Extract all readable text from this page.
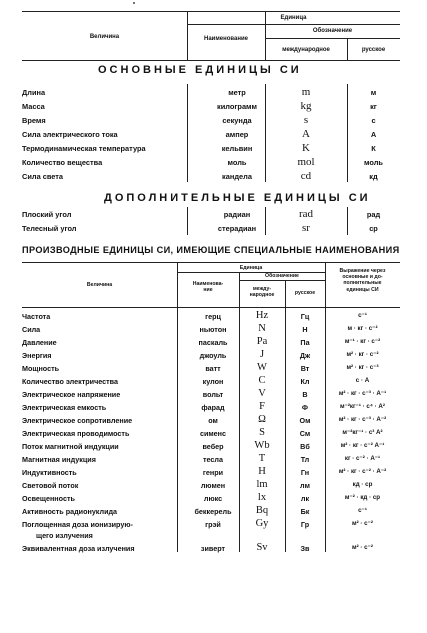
Величина
Единица
Наименование
Обозначение
международное	русское
ОСНОВНЫЕ ЕДИНИЦЫ СИ
Длина	метр	m	м
Масса	килограмм	kg	кг
Время	секунда	s	с
Сила электрического тока	ампер	A	А
Термодинамическая температура	кельвин	K	К
Количество вещества	моль	mol	моль
Сила света	кандела	cd	кд
ДОПОЛНИТЕЛЬНЫЕ ЕДИНИЦЫ СИ
Плоский угол	радиан	rad	рад
Телесный угол	стерадиан	sr	ср
ПРОИЗВОДНЫЕ ЕДИНИЦЫ СИ, ИМЕЮЩИЕ СПЕЦИАЛЬНЫЕ НАИМЕНОВАНИЯ
Величина
Единица
Наименова-
ние
Обозначение
между-
народное	русское
Выражение через
основные и до-
полнительные
единицы СИ
Частота	герц	Hz	Гц	с⁻¹
Сила	ньютон	N	Н	м · кг · с⁻²
Давление	паскаль	Pa	Па	м⁻¹ · кг · с⁻²
Энергия	джоуль	J	Дж	м² · кг · с⁻²
Мощность	ватт	W	Вт	м² · кг · с⁻³
Количество электричества	кулон	C	Кл	с · А
Электрическое напряжение	вольт	V	В	м² · кг · с⁻³ · А⁻¹
Электрическая емкость	фарад	F	Ф	м⁻²кг⁻¹ · с⁴ · А²
Электрическое сопротивление	ом	Ω	Ом	м² · кг · с⁻³ · А⁻²
Электрическая проводимость	сименс	S	См	м⁻²кг⁻¹ · с³ А²
Поток магнитной индукции	вебер	Wb	Вб	м² · кг · с⁻² А⁻¹
Магнитная индукция	тесла	T	Тл	кг · с⁻² · А⁻¹
Индуктивность	генри	H	Гн	м² · кг · с⁻² · А⁻²
Световой поток	люмен	lm	лм	кд · ср
Освещенность	люкс	lx	лк	м⁻² · кд · ср
Активность радионуклида	беккерель	Bq	Бк	с⁻¹
Поглощенная доза ионизирую-
щего излучения
грэй	Gy	Гр	м² · с⁻²
Эквивалентная доза излучения	зиверт	Sv	Зв	м² · с⁻²
